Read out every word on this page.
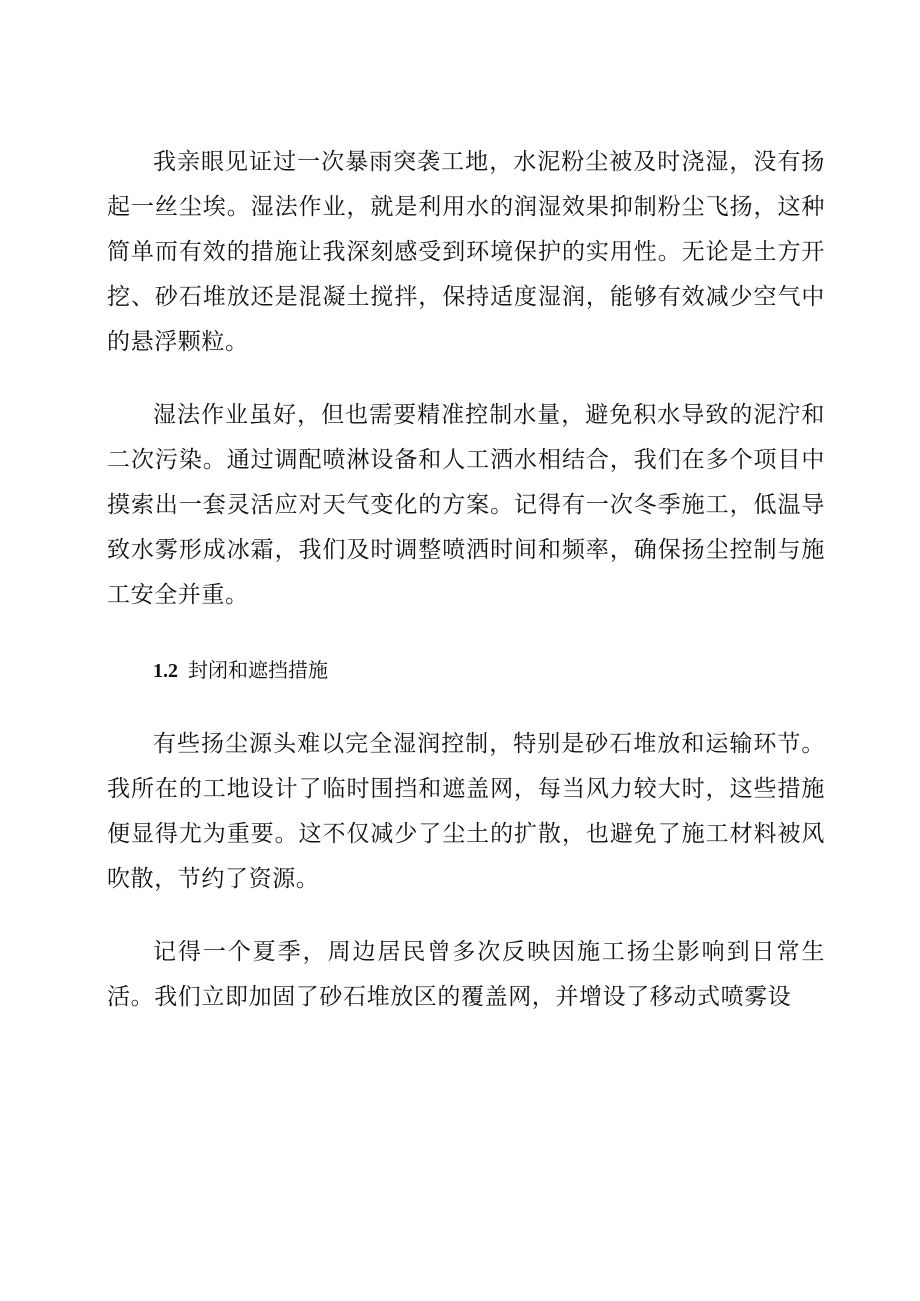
我亲眼见证过一次暴雨突袭工地，水泥粉尘被及时浇湿，没有扬起一丝尘埃。湿法作业，就是利用水的润湿效果抑制粉尘飞扬，这种简单而有效的措施让我深刻感受到环境保护的实用性。无论是土方开挖、砂石堆放还是混凝土搅拌，保持适度湿润，能够有效减少空气中的悬浮颗粒。

湿法作业虽好，但也需要精准控制水量，避免积水导致的泥泞和二次污染。通过调配喷淋设备和人工洒水相结合，我们在多个项目中摸索出一套灵活应对天气变化的方案。记得有一次冬季施工，低温导致水雾形成冰霜，我们及时调整喷洒时间和频率，确保扬尘控制与施工安全并重。

1.2 封闭和遮挡措施

有些扬尘源头难以完全湿润控制，特别是砂石堆放和运输环节。我所在的工地设计了临时围挡和遮盖网，每当风力较大时，这些措施便显得尤为重要。这不仅减少了尘土的扩散，也避免了施工材料被风吹散，节约了资源。

记得一个夏季，周边居民曾多次反映因施工扬尘影响到日常生活。我们立即加固了砂石堆放区的覆盖网，并增设了移动式喷雾设
